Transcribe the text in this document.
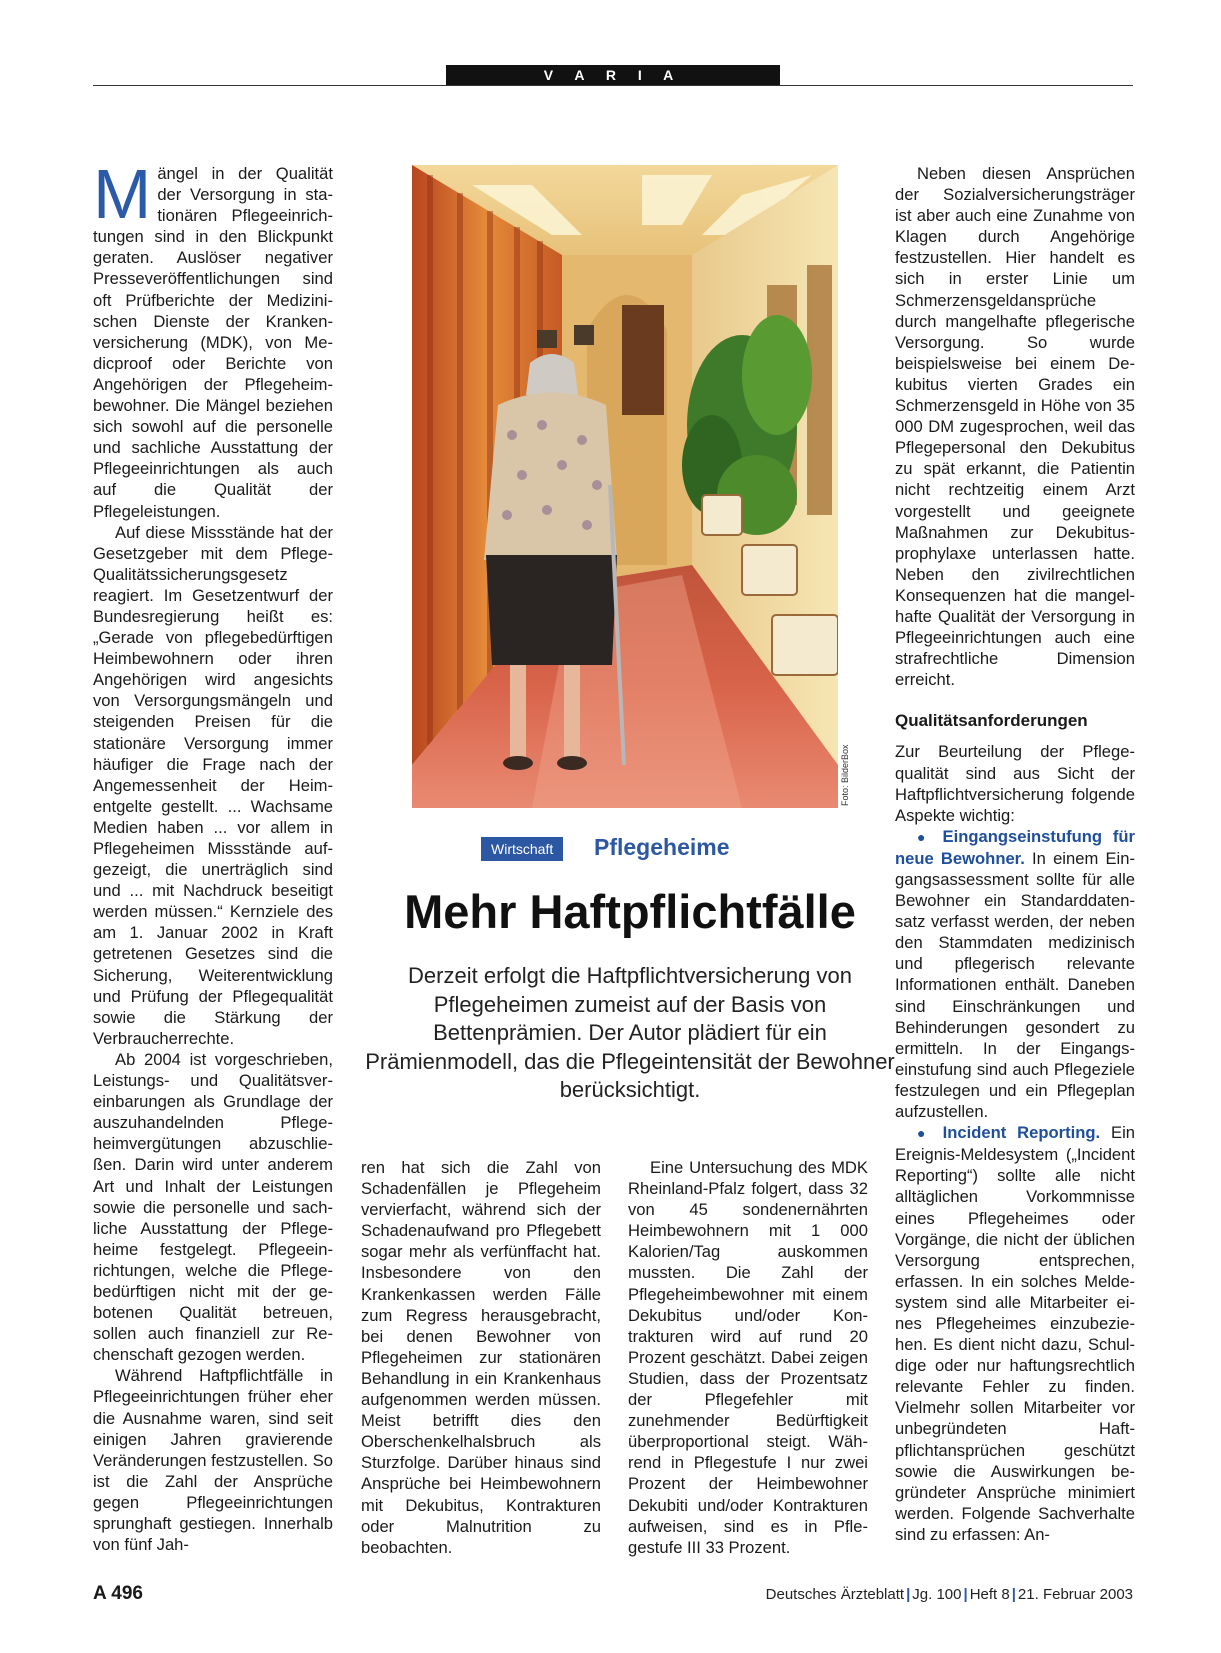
V A R I A

Mängel in der Qualität der Versorgung in stationären Pflegeeinrichtungen sind in den Blickpunkt geraten. Auslöser negativer Presseveröffentlichungen sind oft Prüfberichte der Medizinischen Dienste der Krankenversicherung (MDK), von Medicproof oder Berichte von Angehörigen der Pflegeheimbewohner. Die Mängel beziehen sich sowohl auf die personelle und sachliche Ausstattung der Pflegeeinrichtungen als auch auf die Qualität der Pflegeleistungen.

Auf diese Missstände hat der Gesetzgeber mit dem Pflege-Qualitätssicherungsgesetz reagiert. Im Gesetzentwurf der Bundesregierung heißt es: „Gerade von pflegebedürftigen Heimbewohnern oder ihren Angehörigen wird angesichts von Versorgungsmängeln und steigenden Preisen für die stationäre Versorgung immer häufiger die Frage nach der Angemessenheit der Heimentgelte gestellt. ... Wachsame Medien haben ... vor allem in Pflegeheimen Missstände aufgezeigt, die unerträglich sind und ... mit Nachdruck beseitigt werden müssen.“ Kernziele des am 1. Januar 2002 in Kraft getretenen Gesetzes sind die Sicherung, Weiterentwicklung und Prüfung der Pflegequalität sowie die Stärkung der Verbraucherrechte.

Ab 2004 ist vorgeschrieben, Leistungs- und Qualitätsvereinbarungen als Grundlage der auszuhandelnden Pflegeheimvergütungen abzuschließen. Darin wird unter anderem Art und Inhalt der Leistungen sowie die personelle und sachliche Ausstattung der Pflegeheime festgelegt. Pflegeeinrichtungen, welche die Pflegebedürftigen nicht mit der gebotenen Qualität betreuen, sollen auch finanziell zur Rechenschaft gezogen werden.

Während Haftpflichtfälle in Pflegeeinrichtungen früher eher die Ausnahme waren, sind seit einigen Jahren gravierende Veränderungen festzustellen. So ist die Zahl der Ansprüche gegen Pflegeeinrichtungen sprunghaft gestiegen. Innerhalb von fünf Jah-

Foto: BilderBox
Wirtschaft	Pflegeheime
Mehr Haftpflichtfälle
Derzeit erfolgt die Haftpflichtversicherung von Pflegeheimen zumeist auf der Basis von Bettenprämien. Der Autor plädiert für ein Prämienmodell, das die Pflegeintensität der Bewohner berücksichtigt.

ren hat sich die Zahl von Schadenfällen je Pflegeheim vervierfacht, während sich der Schadenaufwand pro Pflegebett sogar mehr als verfünffacht hat. Insbesondere von den Krankenkassen werden Fälle zum Regress herausgebracht, bei denen Bewohner von Pflegeheimen zur stationären Behandlung in ein Krankenhaus aufgenommen werden müssen. Meist betrifft dies den Oberschenkelhalsbruch als Sturzfolge. Darüber hinaus sind Ansprüche bei Heimbewohnern mit Dekubitus, Kontrakturen oder Malnutrition zu beobachten.

Eine Untersuchung des MDK Rheinland-Pfalz folgert, dass 32 von 45 sondenernährten Heimbewohnern mit 1 000 Kalorien/Tag auskommen mussten. Die Zahl der Pflegeheimbewohner mit einem Dekubitus und/oder Kontrakturen wird auf rund 20 Prozent geschätzt. Dabei zeigen Studien, dass der Prozentsatz der Pflegefehler mit zunehmender Bedürftigkeit überproportional steigt. Während in Pflegestufe I nur zwei Prozent der Heimbewohner Dekubiti und/oder Kontrakturen aufweisen, sind es in Pflegestufe III 33 Prozent.

Neben diesen Ansprüchen der Sozialversicherungsträger ist aber auch eine Zunahme von Klagen durch Angehörige festzustellen. Hier handelt es sich in erster Linie um Schmerzensgeldansprüche durch mangelhafte pflegerische Versorgung. So wurde beispielsweise bei einem Dekubitus vierten Grades ein Schmerzensgeld in Höhe von 35 000 DM zugesprochen, weil das Pflegepersonal den Dekubitus zu spät erkannt, die Patientin nicht rechtzeitig einem Arzt vorgestellt und geeignete Maßnahmen zur Dekubitusprophylaxe unterlassen hatte. Neben den zivilrechtlichen Konsequenzen hat die mangelhafte Qualität der Versorgung in Pflegeeinrichtungen auch eine strafrechtliche Dimension erreicht.

Qualitätsanforderungen

Zur Beurteilung der Pflegequalität sind aus Sicht der Haftpflichtversicherung folgende Aspekte wichtig:

● Eingangseinstufung für neue Bewohner. In einem Eingangsassessment sollte für alle Bewohner ein Standarddatensatz verfasst werden, der neben den Stammdaten medizinisch und pflegerisch relevante Informationen enthält. Daneben sind Einschränkungen und Behinderungen gesondert zu ermitteln. In der Eingangseinstufung sind auch Pflegeziele festzulegen und ein Pflegeplan aufzustellen.

● Incident Reporting. Ein Ereignis-Meldesystem („Incident Reporting“) sollte alle nicht alltäglichen Vorkommnisse eines Pflegeheimes oder Vorgänge, die nicht der üblichen Versorgung entsprechen, erfassen. In ein solches Meldesystem sind alle Mitarbeiter eines Pflegeheimes einzubeziehen. Es dient nicht dazu, Schuldige oder nur haftungsrechtlich relevante Fehler zu finden. Vielmehr sollen Mitarbeiter vor unbegründeten Haftpflichtansprüchen geschützt sowie die Auswirkungen begründeter Ansprüche minimiert werden. Folgende Sachverhalte sind zu erfassen: An-

A 496	Deutsches Ärzteblatt | Jg. 100 | Heft 8 | 21. Februar 2003
